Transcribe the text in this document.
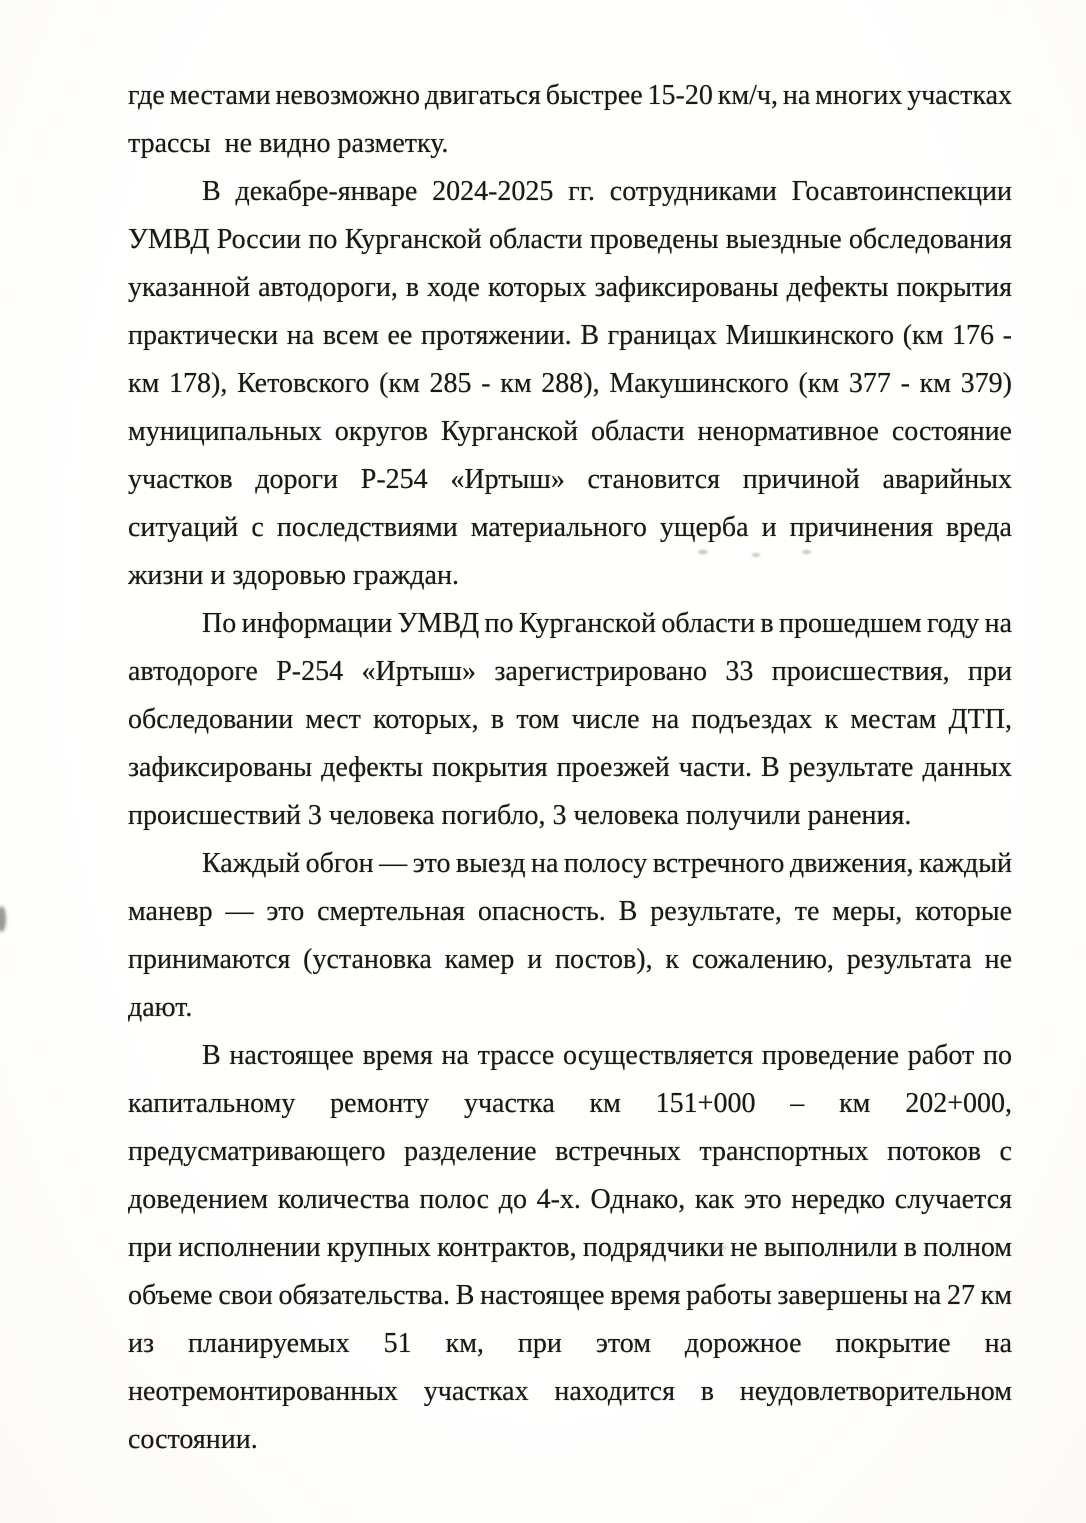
где местами невозможно двигаться быстрее 15-20 км/ч, на многих участках
трассы  не видно разметку.
В декабре-январе 2024-2025 гг. сотрудниками Госавтоинспекции
УМВД России по Курганской области проведены выездные обследования
указанной автодороги, в ходе которых зафиксированы дефекты покрытия
практически на всем ее протяжении. В границах Мишкинского (км 176 -
км 178), Кетовского (км 285 - км 288), Макушинского (км 377 - км 379)
муниципальных округов Курганской области ненормативное состояние
участков дороги Р-254 «Иртыш» становится причиной аварийных
ситуаций с последствиями материального ущерба и причинения вреда
жизни и здоровью граждан.
По информации УМВД по Курганской области в прошедшем году на
автодороге Р-254 «Иртыш» зарегистрировано 33 происшествия, при
обследовании мест которых, в том числе на подъездах к местам ДТП,
зафиксированы дефекты покрытия проезжей части. В результате данных
происшествий 3 человека погибло, 3 человека получили ранения.
Каждый обгон — это выезд на полосу встречного движения, каждый
маневр — это смертельная опасность. В результате, те меры, которые
принимаются (установка камер и постов), к сожалению, результата не
дают.
В настоящее время на трассе осуществляется проведение работ по
капитальному ремонту участка км 151+000 – км 202+000,
предусматривающего разделение встречных транспортных потоков с
доведением количества полос до 4-х. Однако, как это нередко случается
при исполнении крупных контрактов, подрядчики не выполнили в полном
объеме свои обязательства. В настоящее время работы завершены на 27 км
из планируемых 51 км, при этом дорожное покрытие на
неотремонтированных участках находится в неудовлетворительном
состоянии.
